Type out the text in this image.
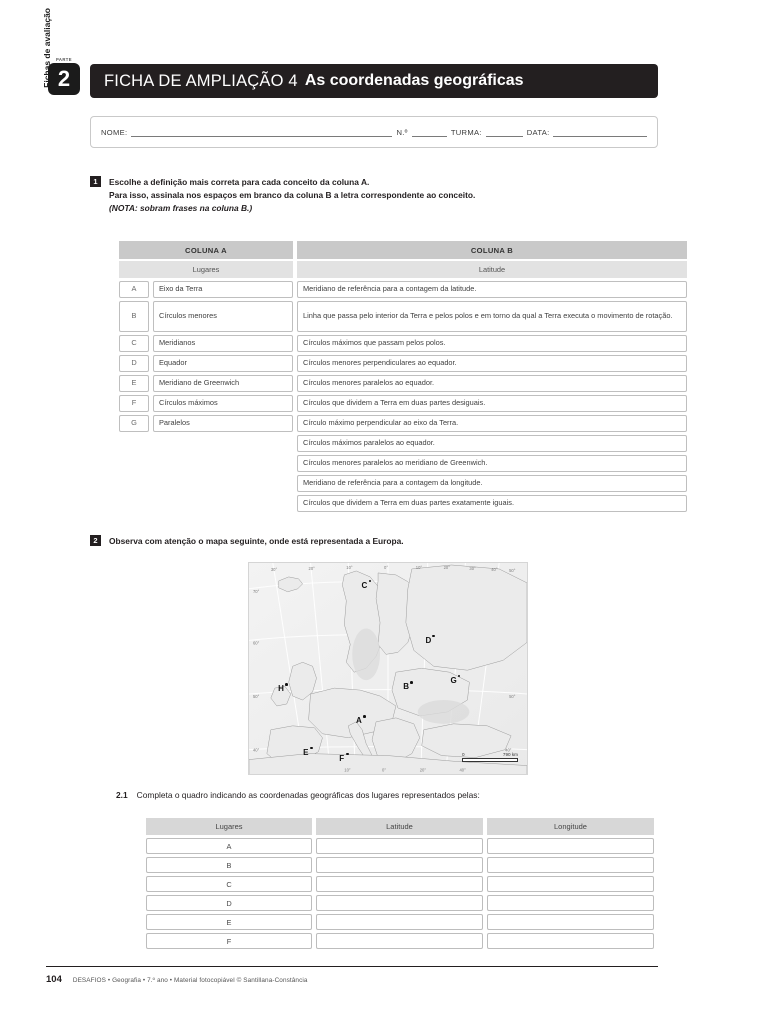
PARTE
2
Fichas de avaliação	FICHA DE AMPLIAÇÃO 4 As coordenadas geográficas
NOME:	N.º	TURMA:	DATA:
1	Escolhe a definição mais correta para cada conceito da coluna A.
Para isso, assinala nos espaços em branco da coluna B a letra correspondente ao conceito.
(NOTA: sobram frases na coluna B.)
COLUNA A	COLUNA B
Lugares	Latitude
A	Eixo da Terra	Meridiano de referência para a contagem da latitude.
B	Círculos menores	Linha que passa pelo interior da Terra e pelos polos e em torno da qual a Terra executa o movimento de rotação.
C	Meridianos	Círculos máximos que passam pelos polos.
D	Equador	Círculos menores perpendiculares ao equador.
E	Meridiano de Greenwich	Círculos menores paralelos ao equador.
F	Círculos máximos	Círculos que dividem a Terra em duas partes desiguais.
G	Paralelos	Círculo máximo perpendicular ao eixo da Terra.
Círculos máximos paralelos ao equador.
Círculos menores paralelos ao meridiano de Greenwich.
Meridiano de referência para a contagem da longitude.
Círculos que dividem a Terra em duas partes exatamente iguais.
2	Observa com atenção o mapa seguinte, onde está representada a Europa.
30°	20°	10°	0°	10°	20°	30°	40°	50°
70°
60°
50°
40°
50°
40°
0°
10°	20°	40°
A
B
C
D
E
F
G
H
0	790 km
2.1 Completa o quadro indicando as coordenadas geográficas dos lugares representados pelas:
Lugares	Latitude	Longitude
A
B
C
D
E
F
104 DESAFIOS • Geografia • 7.º ano • Material fotocopiável © Santillana-Constância
